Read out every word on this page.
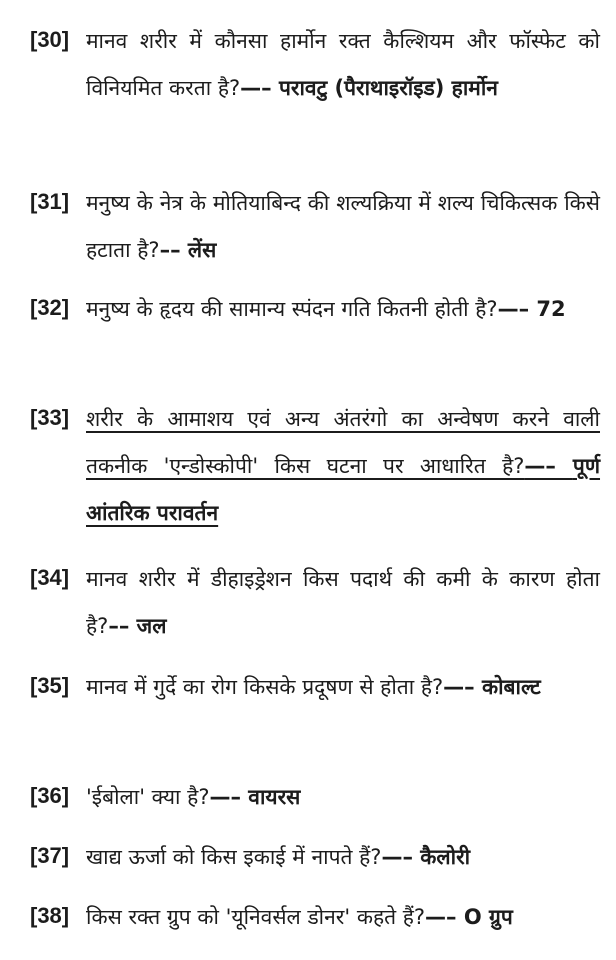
[30] मानव शरीर में कौनसा हार्मोन रक्त कैल्शियम और फॉस्फेट को विनियमित करता है?—– परावटु (पैराथाइरॉइड) हार्मोन
[31] मनुष्य के नेत्र के मोतियाबिन्द की शल्यक्रिया में शल्य चिकित्सक किसे हटाता है?–– लेंस
[32] मनुष्य के हृदय की सामान्य स्पंदन गति कितनी होती है?—– 72
[33] शरीर के आमाशय एवं अन्य अंतरंगो का अन्वेषण करने वाली तकनीक 'एन्डोस्कोपी' किस घटना पर आधारित है?—– पूर्ण आंतरिक परावर्तन
[34] मानव शरीर में डीहाइड्रेशन किस पदार्थ की कमी के कारण होता है?–– जल
[35] मानव में गुर्दे का रोग किसके प्रदूषण से होता है?—– कोबाल्ट
[36] 'ईबोला' क्या है?—– वायरस
[37] खाद्य ऊर्जा को किस इकाई में नापते हैं?—– कैलोरी
[38] किस रक्त ग्रुप को 'यूनिवर्सल डोनर' कहते हैं?—– O ग्रुप
